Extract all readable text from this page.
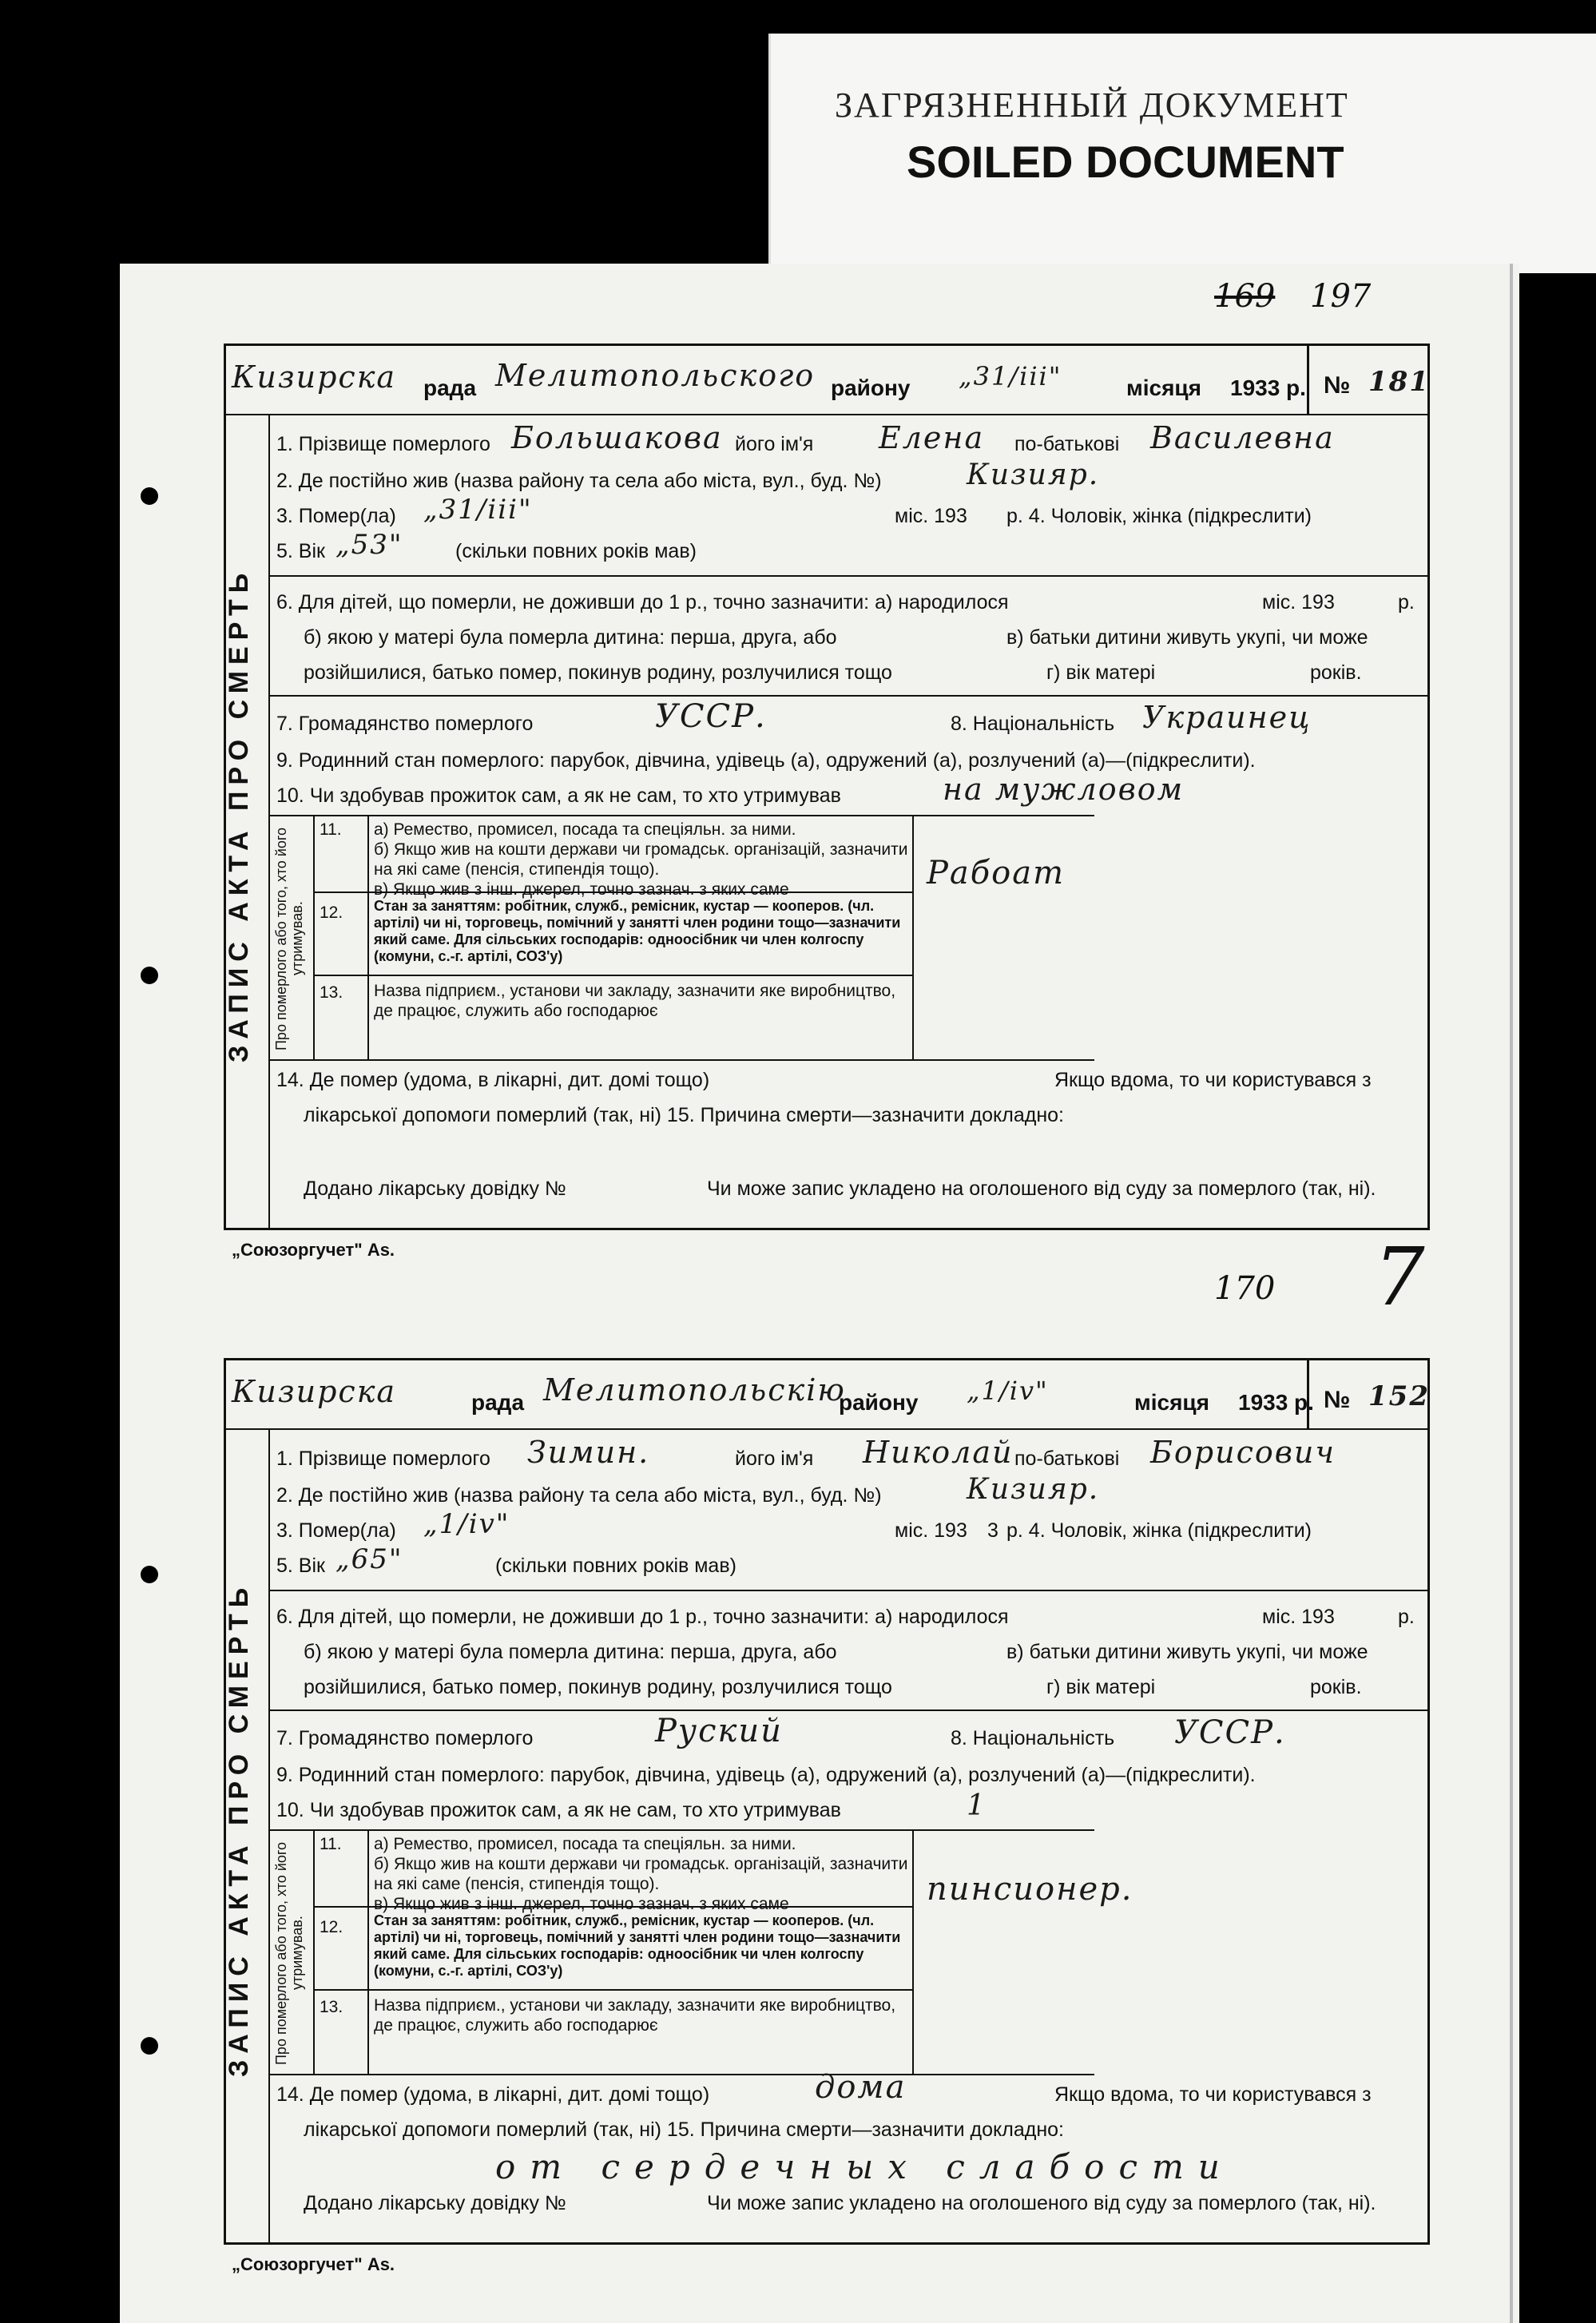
ЗАГРЯЗНЕННЫЙ ДОКУМЕНТ
SOILED DOCUMENT
169 197
170 7
Кизирска рада Мелитопольского району „31/ііі"	місяця 1933 р. № 181
ЗАПИС АКТА ПРО СМЕРТЬ
1. Прізвище померлого Большакова його ім'я Елена по-батькові Василевна
2. Де постійно жив (назва району та села або міста, вул., буд. №)	Кизияр.
3. Помер(ла) „31/ііі"	міс. 193 р. 4. Чоловік, жінка (підкреслити)
5. Вік „53"	(скільки повних років мав)
6. Для дітей, що померли, не доживши до 1 р., точно зазначити: а) народилося	міс. 193	р.
б) якою у матері була померла дитина: перша, друга, або	в) батьки дитини живуть укупі, чи може
розійшилися, батько помер, покинув родину, розлучилися тощо	г) вік матері	років.
7. Громадянство померлого	УССР.	8. Національність Украинец
9. Родинний стан померлого: парубок, дівчина, удівець (а), одружений (а), розлучений (а)—(підкреслити).
10. Чи здобував прожиток сам, а як не сам, то хто утримував	на мужловом
Про померлого або того, хто його утримував.
11. а) Ремество, промисел, посада та спеціяльн. за ними.
б) Якщо жив на кошти держави чи громадськ. організацій, зазначити на які саме (пенсія, стипендія тощо).
в) Якщо жив з інш. джерел, точно зазнач. з яких саме	Рабоат
12. Стан за заняттям: робітник, служб., ремісник, кустар — кооперов. (чл. артілі) чи ні, торговець, помічний у занятті член родини тощо—зазначити який саме. Для сільських господарів: одноосібник чи член колгоспу (комуни, с.-г. артілі, СОЗ'у)
13. Назва підприєм., установи чи закладу, зазначити яке виробництво, де працює, служить або господарює
14. Де помер (удома, в лікарні, дит. домі тощо)	Якщо вдома, то чи користувався з
лікарської допомоги померлий (так, ні) 15. Причина смерти—зазначити докладно:
Додано лікарську довідку №	Чи може запис укладено на оголошеного від суду за померлого (так, ні).
„Союзоргучет" Аs.
Кизирска	рада Мелитопольскію
району „1/іv"	місяця 1933 р. № 152
ЗАПИС АКТА ПРО СМЕРТЬ
1. Прізвище померлого Зимин.	його ім'я Николай по-батькові Борисович
2. Де постійно жив (назва району та села або міста, вул., буд. №)	Кизияр.
3. Помер(ла) „1/іv"	міс. 193 3 р. 4. Чоловік, жінка (підкреслити)
5. Вік „65"	(скільки повних років мав)
6. Для дітей, що померли, не доживши до 1 р., точно зазначити: а) народилося	міс. 193	р.
б) якою у матері була померла дитина: перша, друга, або	в) батьки дитини живуть укупі, чи може
розійшилися, батько помер, покинув родину, розлучилися тощо	г) вік матері	років.
7. Громадянство померлого	Руский	8. Національність УССР.
9. Родинний стан померлого: парубок, дівчина, удівець (а), одружений (а), розлучений (а)—(підкреслити).
10. Чи здобував прожиток сам, а як не сам, то хто утримував	1
Про померлого або того, хто його утримував.
11. а) Ремество, промисел, посада та спеціяльн. за ними.
б) Якщо жив на кошти держави чи громадськ. організацій, зазначити на які саме (пенсія, стипендія тощо).
в) Якщо жив з інш. джерел, точно зазнач. з яких саме	пинсионер.
12. Стан за заняттям: робітник, служб., ремісник, кустар — кооперов. (чл. артілі) чи ні, торговець, помічний у занятті член родини тощо—зазначити який саме. Для сільських господарів: одноосібник чи член колгоспу (комуни, с.-г. артілі, СОЗ'у)
13. Назва підприєм., установи чи закладу, зазначити яке виробництво, де працює, служить або господарює
14. Де помер (удома, в лікарні, дит. домі тощо)	дома	Якщо вдома, то чи користувався з
лікарської допомоги померлий (так, ні) 15. Причина смерти—зазначити докладно:
от сердечных слабости
Додано лікарську довідку №	Чи може запис укладено на оголошеного від суду за померлого (так, ні).
„Союзоргучет" Аs.
